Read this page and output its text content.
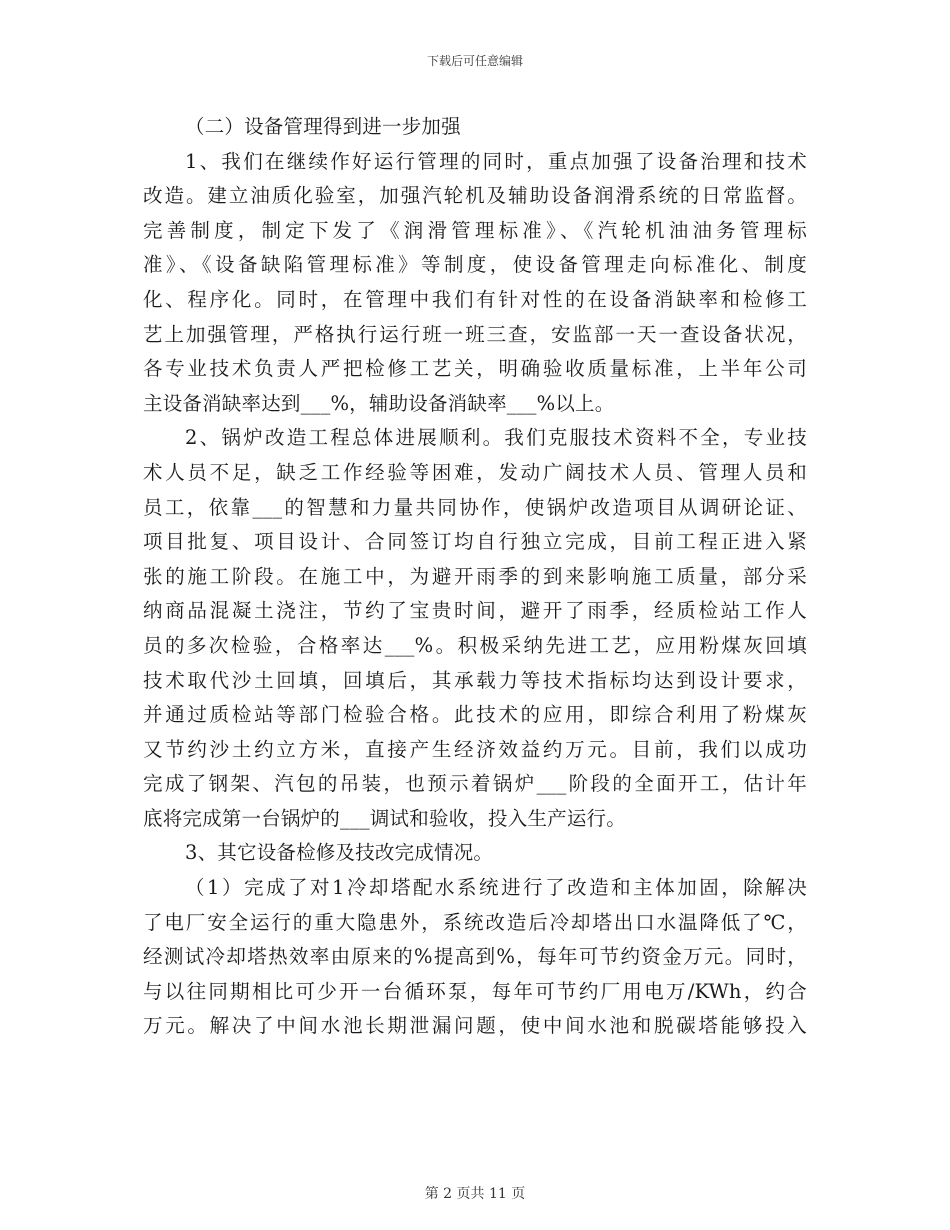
下载后可任意编辑
（二）设备管理得到进一步加强
1、我们在继续作好运行管理的同时，重点加强了设备治理和技术
改造。建立油质化验室，加强汽轮机及辅助设备润滑系统的日常监督。
完善制度，制定下发了《润滑管理标准》、《汽轮机油油务管理标
准》、《设备缺陷管理标准》等制度，使设备管理走向标准化、制度
化、程序化。同时，在管理中我们有针对性的在设备消缺率和检修工
艺上加强管理，严格执行运行班一班三查，安监部一天一查设备状况，
各专业技术负责人严把检修工艺关，明确验收质量标准，上半年公司
主设备消缺率达到___%，辅助设备消缺率___%以上。
2、锅炉改造工程总体进展顺利。我们克服技术资料不全，专业技
术人员不足，缺乏工作经验等困难，发动广阔技术人员、管理人员和
员工，依靠___的智慧和力量共同协作，使锅炉改造项目从调研论证、
项目批复、项目设计、合同签订均自行独立完成，目前工程正进入紧
张的施工阶段。在施工中，为避开雨季的到来影响施工质量，部分采
纳商品混凝土浇注，节约了宝贵时间，避开了雨季，经质检站工作人
员的多次检验，合格率达___%。积极采纳先进工艺，应用粉煤灰回填
技术取代沙土回填，回填后，其承载力等技术指标均达到设计要求，
并通过质检站等部门检验合格。此技术的应用，即综合利用了粉煤灰
又节约沙土约立方米，直接产生经济效益约万元。目前，我们以成功
完成了钢架、汽包的吊装，也预示着锅炉___阶段的全面开工，估计年
底将完成第一台锅炉的___调试和验收，投入生产运行。
3、其它设备检修及技改完成情况。
（1）完成了对1冷却塔配水系统进行了改造和主体加固，除解决
了电厂安全运行的重大隐患外，系统改造后冷却塔出口水温降低了℃，
经测试冷却塔热效率由原来的%提高到%，每年可节约资金万元。同时，
与以往同期相比可少开一台循环泵，每年可节约厂用电万/KWh，约合
万元。解决了中间水池长期泄漏问题，使中间水池和脱碳塔能够投入
第 2 页共 11 页
